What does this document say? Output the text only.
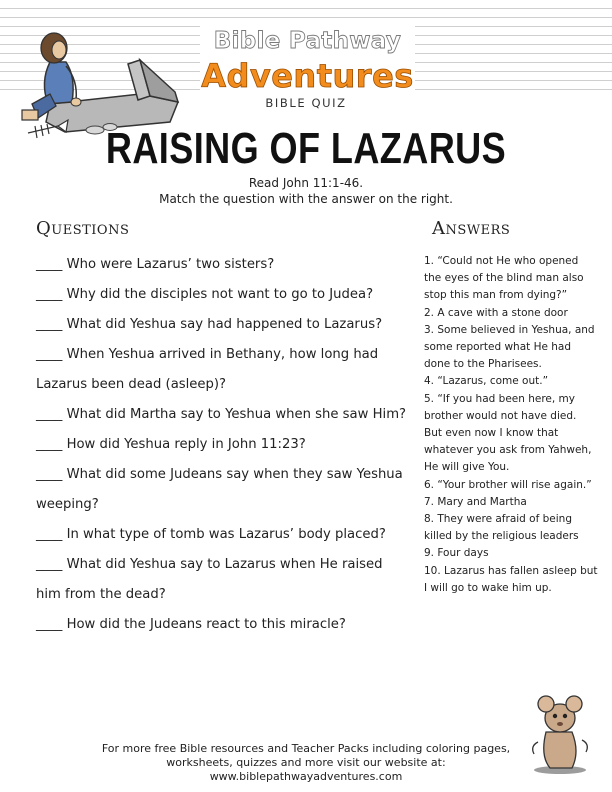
Bible Pathway
Adventures
BIBLE QUIZ
RAISING OF LAZARUS
Read John 11:1-46.
Match the question with the answer on the right.
Questions	Answers
____ Who were Lazarus’ two sisters?
____ Why did the disciples not want to go to Judea?
____ What did Yeshua say had happened to Lazarus?
____ When Yeshua arrived in Bethany, how long had
Lazarus been dead (asleep)?
____ What did Martha say to Yeshua when she saw Him?
____ How did Yeshua reply in John 11:23?
____ What did some Judeans say when they saw Yeshua
weeping?
____ In what type of tomb was Lazarus’ body placed?
____ What did Yeshua say to Lazarus when He raised
him from the dead?
____ How did the Judeans react to this miracle?
1. “Could not He who opened
the eyes of the blind man also
stop this man from dying?”
2. A cave with a stone door
3. Some believed in Yeshua, and
some reported what He had
done to the Pharisees.
4. “Lazarus, come out.”
5. “If you had been here, my
brother would not have died.
But even now I know that
whatever you ask from Yahweh,
He will give You.
6. “Your brother will rise again.”
7. Mary and Martha
8. They were afraid of being
killed by the religious leaders
9. Four days
10. Lazarus has fallen asleep but
I will go to wake him up.
For more free Bible resources and Teacher Packs including coloring pages,
worksheets, quizzes and more visit our website at:
www.biblepathwayadventures.com
